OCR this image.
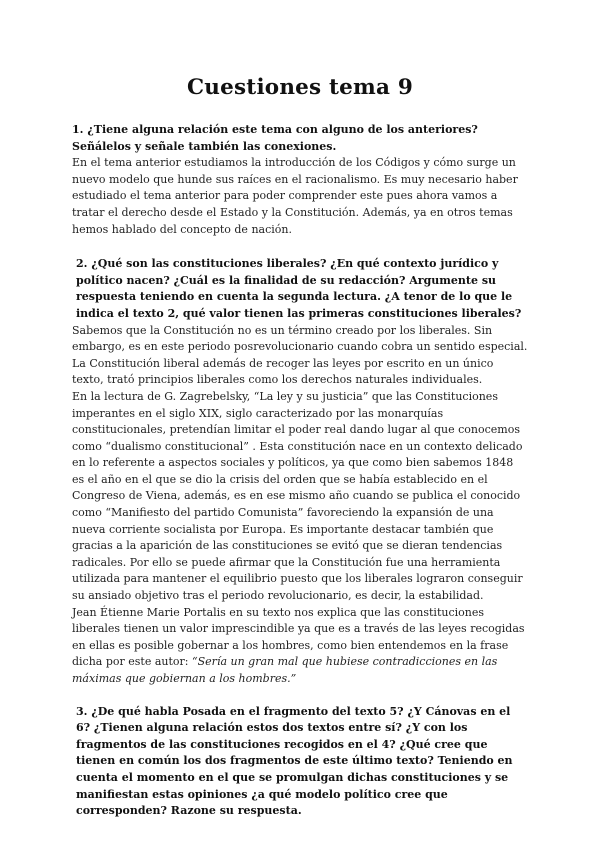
Cuestiones tema 9

1. ¿Tiene alguna relación este tema con alguno de los anteriores? Señálelos y señale también las conexiones.

En el tema anterior estudiamos la introducción de los Códigos y cómo surge un nuevo modelo que hunde sus raíces en el racionalismo. Es muy necesario haber estudiado el tema anterior para poder comprender este pues ahora vamos a tratar el derecho desde el Estado y la Constitución. Además, ya en otros temas hemos hablado del concepto de nación.

2. ¿Qué son las constituciones liberales? ¿En qué contexto jurídico y político nacen? ¿Cuál es la finalidad de su redacción? Argumente su respuesta teniendo en cuenta la segunda lectura. ¿A tenor de lo que le indica el texto 2, qué valor tienen las primeras constituciones liberales?

Sabemos que la Constitución no es un término creado por los liberales. Sin embargo, es en este periodo posrevolucionario cuando cobra un sentido especial. La Constitución liberal además de recoger las leyes por escrito en un único texto, trató principios liberales como los derechos naturales individuales.

En la lectura de G. Zagrebelsky, “La ley y su justicia” que las Constituciones imperantes en el siglo XIX, siglo caracterizado por las monarquías constitucionales, pretendían limitar el poder real dando lugar al que conocemos como “dualismo constitucional” . Esta constitución nace en un contexto delicado en lo referente a aspectos sociales y políticos, ya que como bien sabemos 1848 es el año en el que se dio la crisis del orden que se había establecido en el Congreso de Viena, además, es en ese mismo año cuando se publica el conocido como “Manifiesto del partido Comunista” favoreciendo la expansión de una nueva corriente socialista por Europa. Es importante destacar también que gracias a la aparición de las constituciones se evitó que se dieran tendencias radicales. Por ello se puede afirmar que la Constitución fue una herramienta utilizada para mantener el equilibrio puesto que los liberales lograron conseguir su ansiado objetivo tras el periodo revolucionario, es decir, la estabilidad.

Jean Étienne Marie Portalis en su texto nos explica que las constituciones liberales tienen un valor imprescindible ya que es a través de las leyes recogidas en ellas es posible gobernar a los hombres, como bien entendemos en la frase dicha por este autor: “Sería un gran mal que hubiese contradicciones en las máximas que gobiernan a los hombres.”

3. ¿De qué habla Posada en el fragmento del texto 5? ¿Y Cánovas en el 6? ¿Tienen alguna relación estos dos textos entre sí? ¿Y con los fragmentos de las constituciones recogidos en el 4? ¿Qué cree que tienen en común los dos fragmentos de este último texto? Teniendo en cuenta el momento en el que se promulgan dichas constituciones y se manifiestan estas opiniones ¿a qué modelo político cree que corresponden? Razone su respuesta.
